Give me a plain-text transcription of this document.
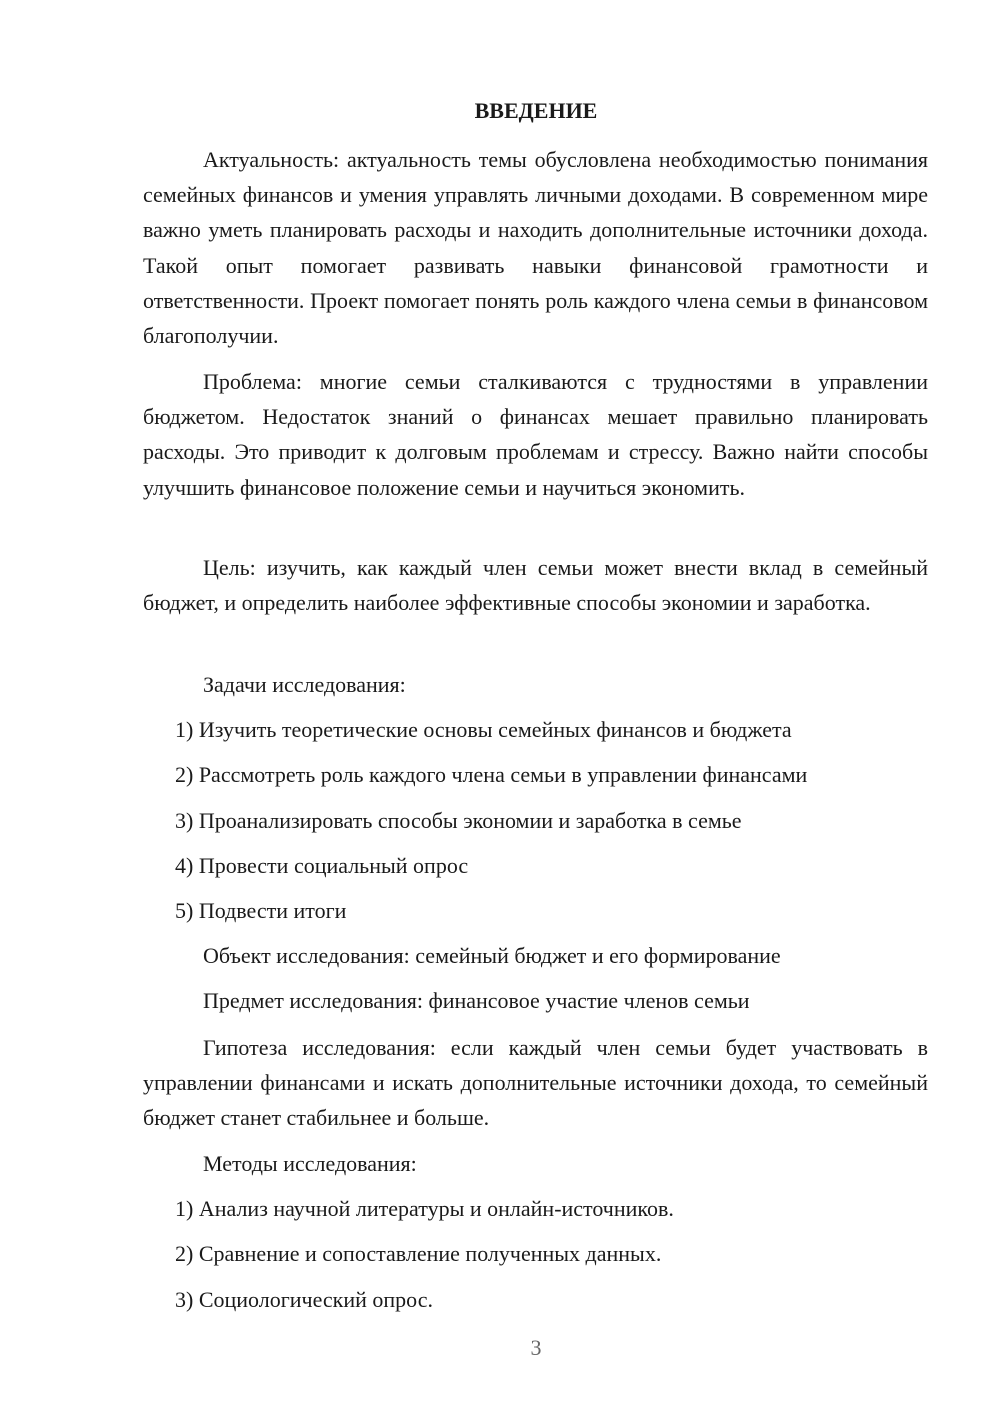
ВВЕДЕНИЕ

Актуальность: актуальность темы обусловлена необходимостью понимания семейных финансов и умения управлять личными доходами. В современном мире важно уметь планировать расходы и находить дополнительные источники дохода. Такой опыт помогает развивать навыки финансовой грамотности и ответственности. Проект помогает понять роль каждого члена семьи в финансовом благополучии.

Проблема: многие семьи сталкиваются с трудностями в управлении бюджетом. Недостаток знаний о финансах мешает правильно планировать расходы. Это приводит к долговым проблемам и стрессу. Важно найти способы улучшить финансовое положение семьи и научиться экономить.

Цель: изучить, как каждый член семьи может внести вклад в семейный бюджет, и определить наиболее эффективные способы экономии и заработка.

Задачи исследования:

1) Изучить теоретические основы семейных финансов и бюджета

2) Рассмотреть роль каждого члена семьи в управлении финансами

3) Проанализировать способы экономии и заработка в семье

4) Провести социальный опрос

5) Подвести итоги

Объект исследования: семейный бюджет и его формирование

Предмет исследования: финансовое участие членов семьи

Гипотеза исследования: если каждый член семьи будет участвовать в управлении финансами и искать дополнительные источники дохода, то семейный бюджет станет стабильнее и больше.

Методы исследования:

1) Анализ научной литературы и онлайн-источников.

2) Сравнение и сопоставление полученных данных.

3) Социологический опрос.

3
